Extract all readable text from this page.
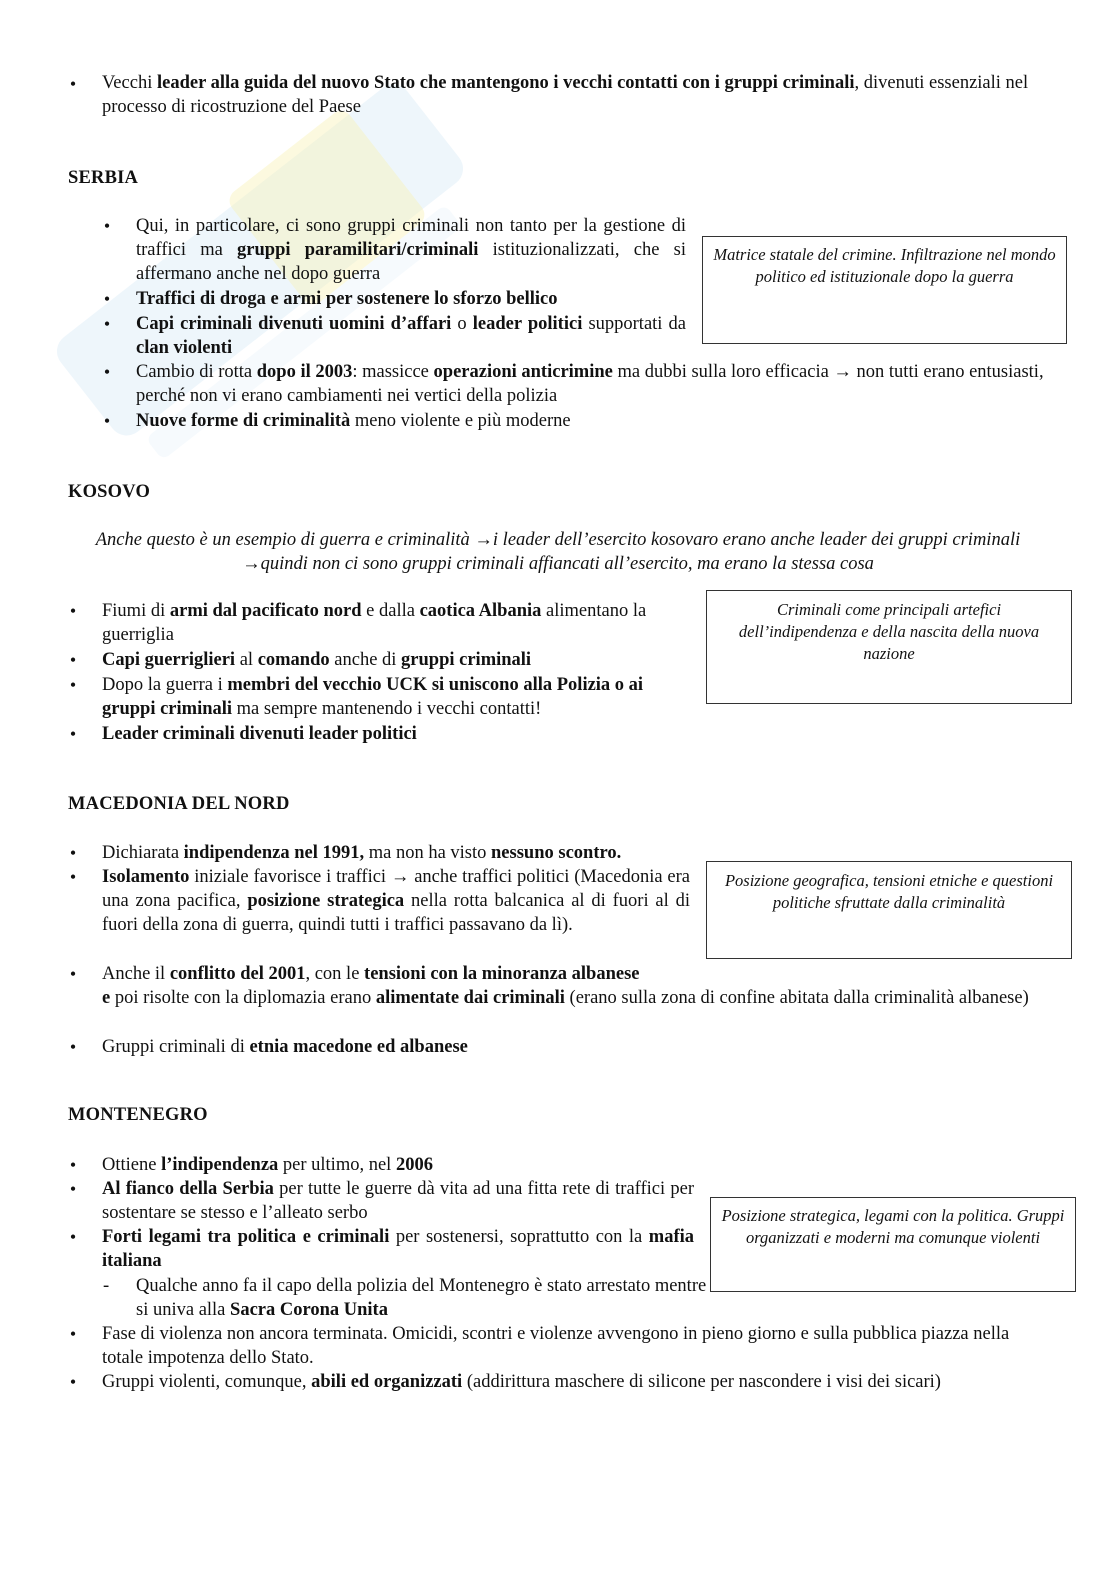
•
Vecchi leader alla guida del nuovo Stato che mantengono i vecchi contatti con i gruppi criminali, divenuti essenziali nel processo di ricostruzione del Paese
SERBIA
•
Qui, in particolare, ci sono gruppi criminali non tanto per la gestione di traffici ma gruppi paramilitari/criminali istituzionalizzati, che si affermano anche nel dopo guerra
•
Traffici di droga e armi per sostenere lo sforzo bellico
•
Capi criminali divenuti uomini d’affari o leader politici supportati da clan violenti
•
Cambio di rotta dopo il 2003: massicce operazioni anticrimine ma dubbi sulla loro efficacia → non tutti erano entusiasti, perché non vi erano cambiamenti nei vertici della polizia
•
Nuove forme di criminalità meno violente e più moderne
Matrice statale del crimine. Infiltrazione nel mondo politico ed istituzionale dopo la guerra
KOSOVO
Anche questo è un esempio di guerra e criminalità →i leader dell’esercito kosovaro erano anche leader dei gruppi criminali →quindi non ci sono gruppi criminali affiancati all’esercito, ma erano la stessa cosa
•
Fiumi di armi dal pacificato nord e dalla caotica Albania alimentano la guerriglia
•
Capi guerriglieri al comando anche di gruppi criminali
•
Dopo la guerra i membri del vecchio UCK si uniscono alla Polizia o ai gruppi criminali ma sempre mantenendo i vecchi contatti!
•
Leader criminali divenuti leader politici
Criminali come principali artefici dell’indipendenza e della nascita della nuova nazione
MACEDONIA DEL NORD
•
Dichiarata indipendenza nel 1991, ma non ha visto nessuno scontro.
•
Isolamento iniziale favorisce i traffici → anche traffici politici (Macedonia era una zona pacifica, posizione strategica nella rotta balcanica al di fuori al di fuori della zona di guerra, quindi tutti i traffici passavano da lì).
•
Anche il conflitto del 2001, con le tensioni con la minoranza albanese
e poi risolte con la diplomazia erano alimentate dai criminali (erano sulla zona di confine abitata dalla criminalità albanese)
•
Gruppi criminali di etnia macedone ed albanese
Posizione geografica, tensioni etniche e questioni politiche sfruttate dalla criminalità
MONTENEGRO
•
Ottiene l’indipendenza per ultimo, nel 2006
•
Al fianco della Serbia per tutte le guerre dà vita ad una fitta rete di traffici per sostentare se stesso e l’alleato serbo
•
Forti legami tra politica e criminali per sostenersi, soprattutto con la mafia italiana
-
Qualche anno fa il capo della polizia del Montenegro è stato arrestato mentre si univa alla Sacra Corona Unita
•
Fase di violenza non ancora terminata. Omicidi, scontri e violenze avvengono in pieno giorno e sulla pubblica piazza nella totale impotenza dello Stato.
•
Gruppi violenti, comunque, abili ed organizzati (addirittura maschere di silicone per nascondere i visi dei sicari)
Posizione strategica, legami con la politica. Gruppi organizzati e moderni ma comunque violenti
